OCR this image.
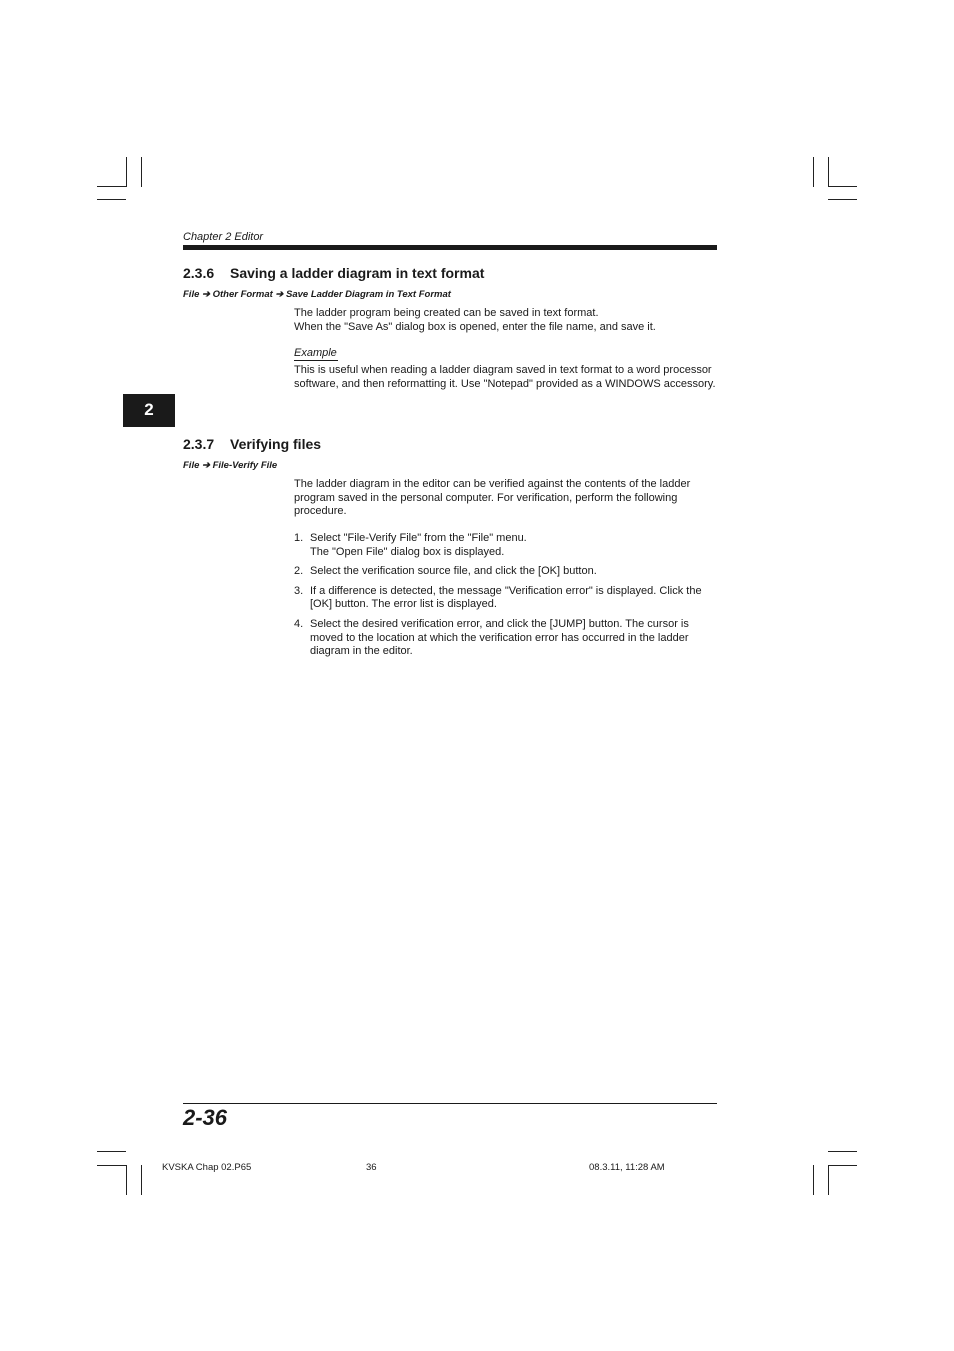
Chapter 2 Editor
2
2.3.6 Saving a ladder diagram in text format
File ➔ Other Format ➔ Save Ladder Diagram in Text Format

The ladder program being created can be saved in text format.

When the "Save As" dialog box is opened, enter the file name, and save it.

Example
This is useful when reading a ladder diagram saved in text format to a word processor software, and then reformatting it. Use "Notepad" provided as a WINDOWS accessory.
2.3.7 Verifying files
File ➔ File-Verify File
The ladder diagram in the editor can be verified against the contents of the ladder program saved in the personal computer. For verification, perform the following procedure.
1. Select "File-Verify File" from the "File" menu.
The "Open File" dialog box is displayed.
2. Select the verification source file, and click the [OK] button.
3. If a difference is detected, the message "Verification error" is displayed. Click the [OK] button. The error list is displayed.
4. Select the desired verification error, and click the [JUMP] button. The cursor is moved to the location at which the verification error has occurred in the ladder diagram in the editor.
2-36
KVSKA Chap 02.P65	36	08.3.11, 11:28 AM
